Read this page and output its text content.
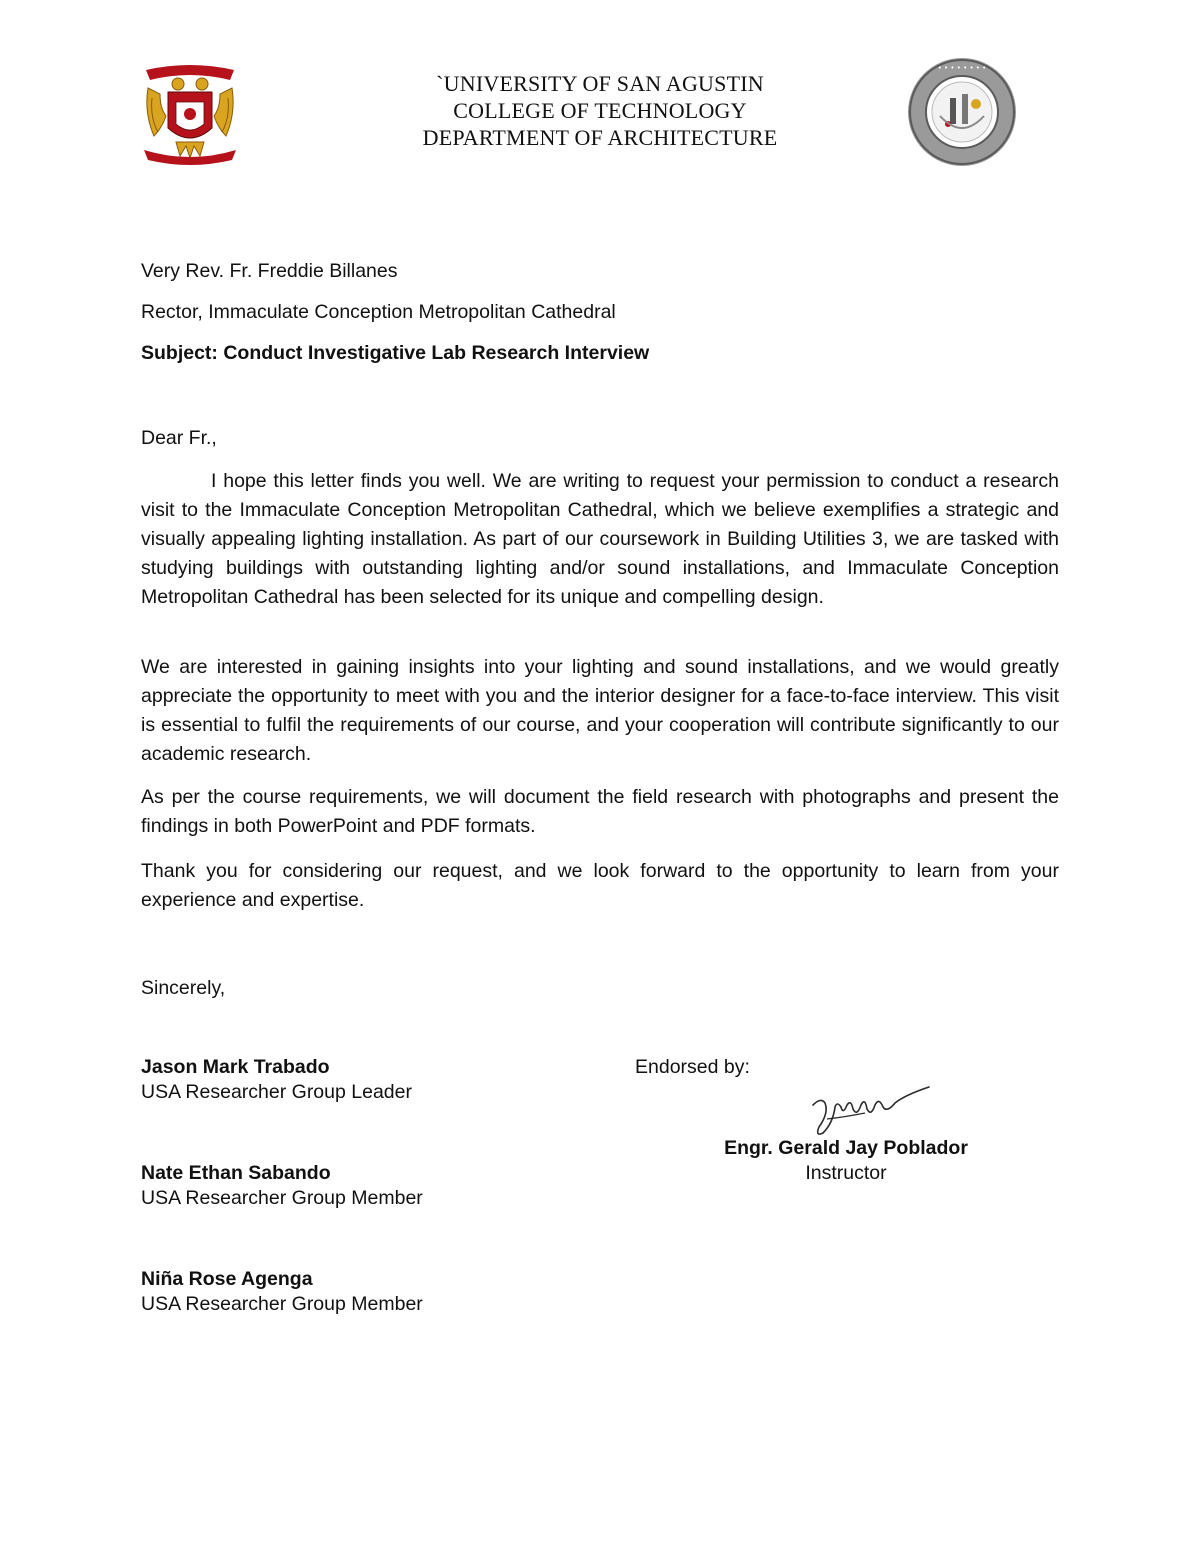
`UNIVERSITY OF SAN AGUSTIN
COLLEGE OF TECHNOLOGY
DEPARTMENT OF ARCHITECTURE
• • • • • • • •
Very Rev. Fr. Freddie Billanes
Rector, Immaculate Conception Metropolitan Cathedral
Subject: Conduct Investigative Lab Research Interview
Dear Fr.,
I hope this letter finds you well. We are writing to request your permission to conduct a research visit to the Immaculate Conception Metropolitan Cathedral, which we believe exemplifies a strategic and visually appealing lighting installation. As part of our coursework in Building Utilities 3, we are tasked with studying buildings with outstanding lighting and/or sound installations, and Immaculate Conception Metropolitan Cathedral has been selected for its unique and compelling design.
We are interested in gaining insights into your lighting and sound installations, and we would greatly appreciate the opportunity to meet with you and the interior designer for a face-to-face interview. This visit is essential to fulfil the requirements of our course, and your cooperation will contribute significantly to our academic research.
As per the course requirements, we will document the field research with photographs and present the findings in both PowerPoint and PDF formats.
Thank you for considering our request, and we look forward to the opportunity to learn from your experience and expertise.
Sincerely,
Jason Mark Trabado
USA Researcher Group Leader
Nate Ethan Sabando
USA Researcher Group Member
Niña Rose Agenga
USA Researcher Group Member
Endorsed by:
Engr. Gerald Jay Poblador
Instructor
